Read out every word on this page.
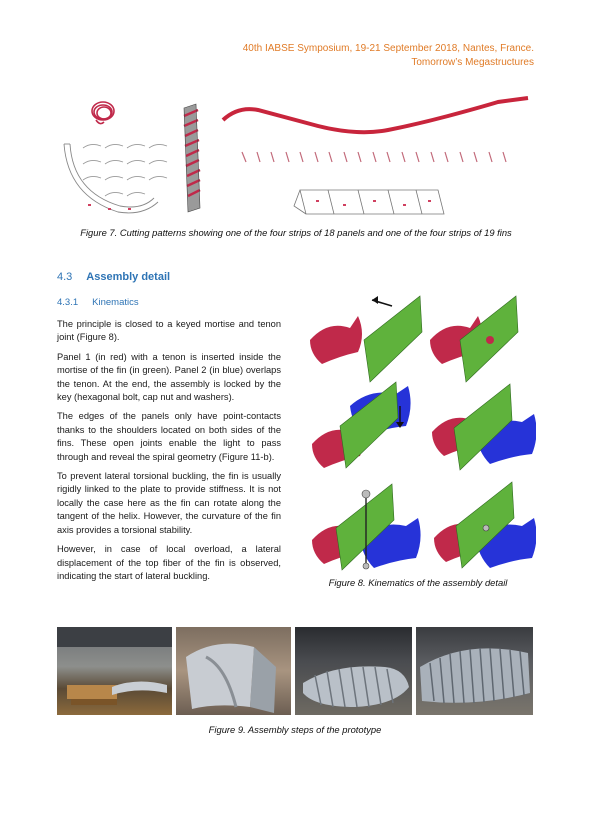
40th IABSE Symposium, 19-21 September 2018, Nantes, France.
Tomorrow’s Megastructures
Figure 7. Cutting patterns showing one of the four strips of 18 panels and one of the four strips of 19 fins
4.3 Assembly detail
4.3.1 Kinematics

The principle is closed to a keyed mortise and tenon joint (Figure 8).

Panel 1 (in red) with a tenon is inserted inside the mortise of the fin (in green). Panel 2 (in blue) overlaps the tenon. At the end, the assembly is locked by the key (hexagonal bolt, cap nut and washers).

The edges of the panels only have point-contacts thanks to the shoulders located on both sides of the fins. These open joints enable the light to pass through and reveal the spiral geometry (Figure 11-b).

To prevent lateral torsional buckling, the fin is usually rigidly linked to the plate to provide stiffness. It is not locally the case here as the fin can rotate along the tangent of the helix. However, the curvature of the fin axis provides a torsional stability.

However, in case of local overload, a lateral displacement of the top fiber of the fin is observed, indicating the start of lateral buckling.

Figure 8. Kinematics of the assembly detail
Figure 9. Assembly steps of the prototype
